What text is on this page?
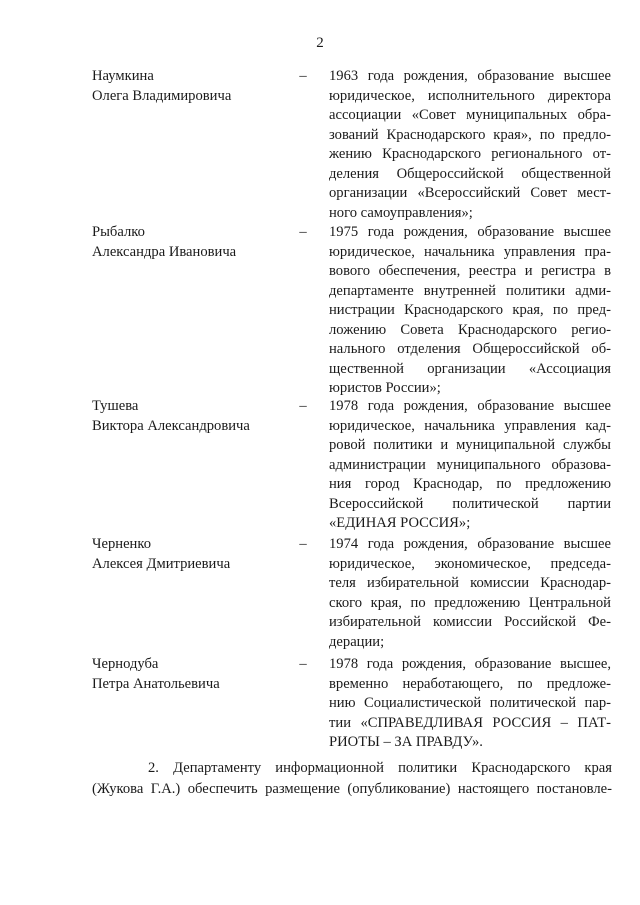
2
Наумкина
Олега Владимировича
– 1963 года рождения, образование высшее
юридическое, исполнительного директора
ассоциации «Совет муниципальных обра-
зований Краснодарского края», по предло-
жению Краснодарского регионального от-
деления Общероссийской общественной
организации «Всероссийский Совет мест-
ного самоуправления»;
Рыбалко
Александра Ивановича
– 1975 года рождения, образование высшее
юридическое, начальника управления пра-
вового обеспечения, реестра и регистра в
департаменте внутренней политики адми-
нистрации Краснодарского края, по пред-
ложению Совета Краснодарского регио-
нального отделения Общероссийской об-
щественной организации «Ассоциация
юристов России»;
Тушева
Виктора Александровича
– 1978 года рождения, образование высшее
юридическое, начальника управления кад-
ровой политики и муниципальной службы
администрации муниципального образова-
ния город Краснодар, по предложению
Всероссийской политической партии
«ЕДИНАЯ РОССИЯ»;
Черненко
Алексея Дмитриевича
– 1974 года рождения, образование высшее
юридическое, экономическое, председа-
теля избирательной комиссии Краснодар-
ского края, по предложению Центральной
избирательной комиссии Российской Фе-
дерации;
Чернодуба
Петра Анатольевича
– 1978 года рождения, образование высшее,
временно неработающего, по предложе-
нию Социалистической политической пар-
тии «СПРАВЕДЛИВАЯ РОССИЯ – ПАТ-
РИОТЫ – ЗА ПРАВДУ».
2. Департаменту информационной политики Краснодарского края
(Жукова Г.А.) обеспечить размещение (опубликование) настоящего постановле-
